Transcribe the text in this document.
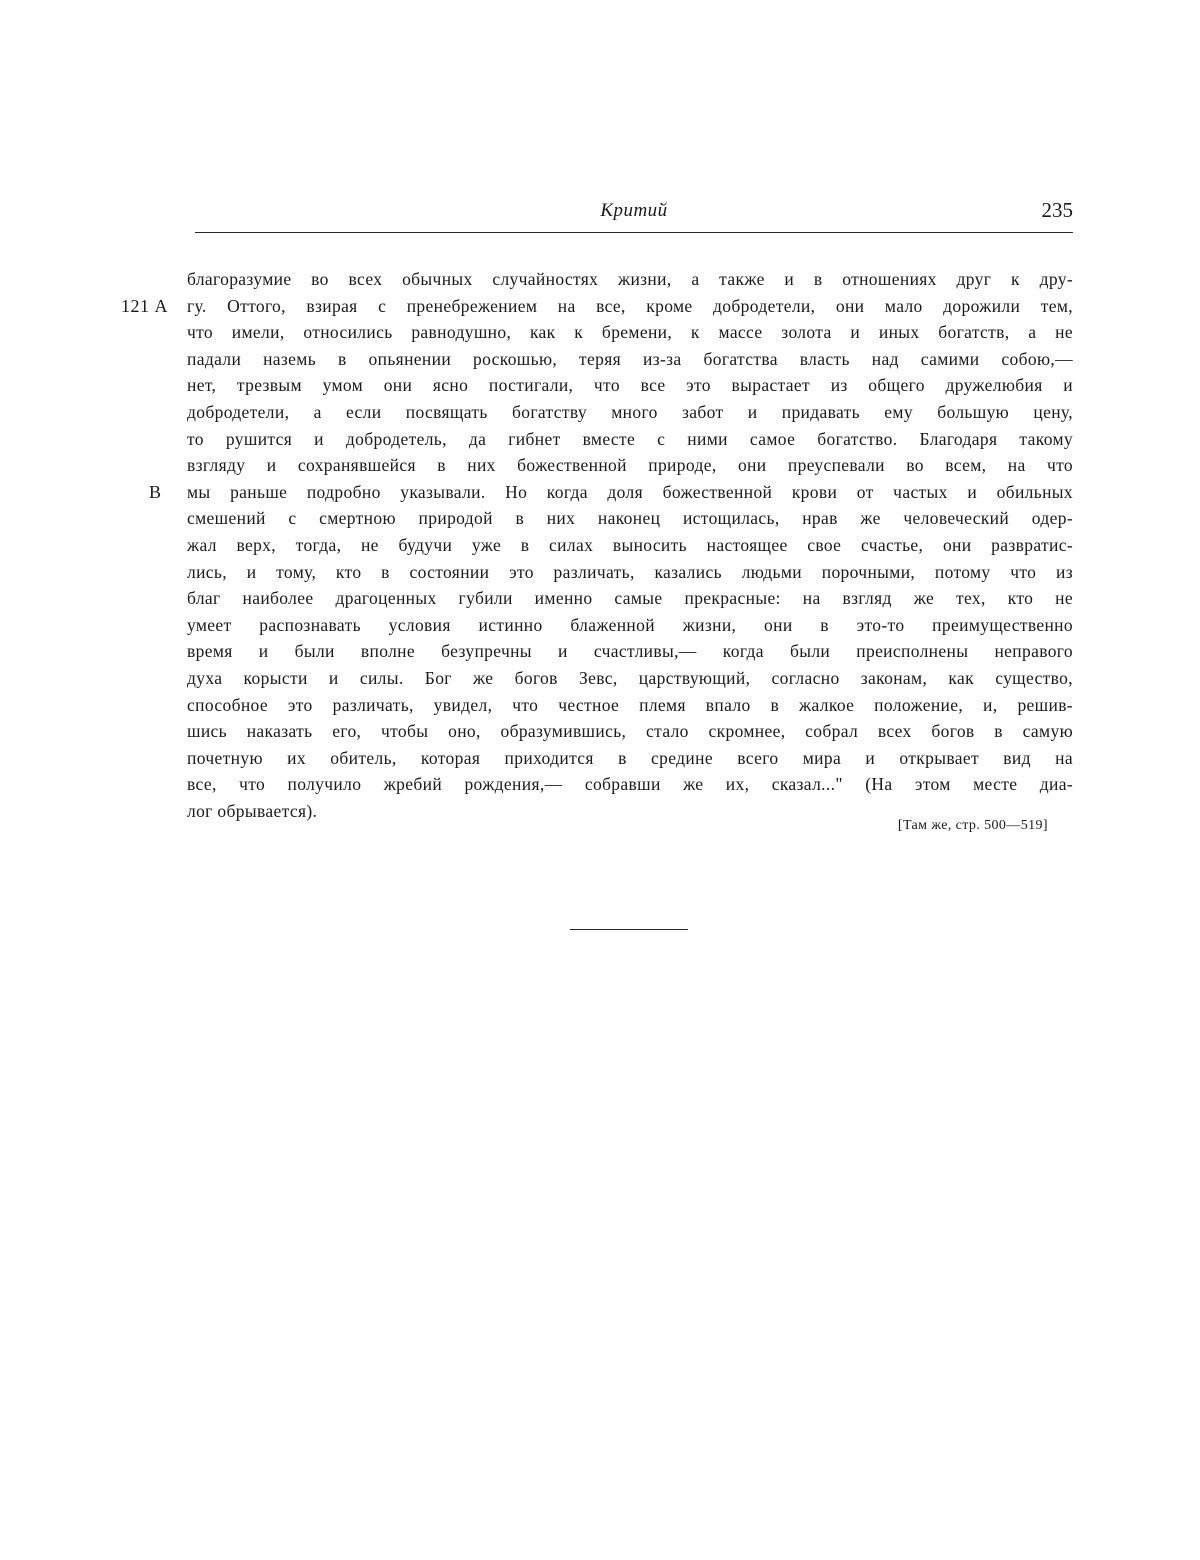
Критий	235
121 А
В
благоразумие во всех обычных случайностях жизни, а также и в отношениях друг к дру-
гу. Оттого, взирая с пренебрежением на все, кроме добродетели, они мало дорожили тем,
что имели, относились равнодушно, как к бремени, к массе золота и иных богатств, а не
падали наземь в опьянении роскошью, теряя из-за богатства власть над самими собою,—
нет, трезвым умом они ясно постигали, что все это вырастает из общего дружелюбия и
добродетели, а если посвящать богатству много забот и придавать ему большую цену,
то рушится и добродетель, да гибнет вместе с ними самое богатство. Благодаря такому
взгляду и сохранявшейся в них божественной природе, они преуспевали во всем, на что
мы раньше подробно указывали. Но когда доля божественной крови от частых и обильных
смешений с смертною природой в них наконец истощилась, нрав же человеческий одер-
жал верх, тогда, не будучи уже в силах выносить настоящее свое счастье, они развратис-
лись, и тому, кто в состоянии это различать, казались людьми порочными, потому что из
благ наиболее драгоценных губили именно самые прекрасные: на взгляд же тех, кто не
умеет распознавать условия истинно блаженной жизни, они в это-то преимущественно
время и были вполне безупречны и счастливы,— когда были преисполнены неправого
духа корысти и силы. Бог же богов Зевс, царствующий, согласно законам, как существо,
способное это различать, увидел, что честное племя впало в жалкое положение, и, решив-
шись наказать его, чтобы оно, образумившись, стало скромнее, собрал всех богов в самую
почетную их обитель, которая приходится в средине всего мира и открывает вид на
все, что получило жребий рождения,— собравши же их, сказал..." (На этом месте диа-
лог обрывается).
[Там же, стр. 500—519]
